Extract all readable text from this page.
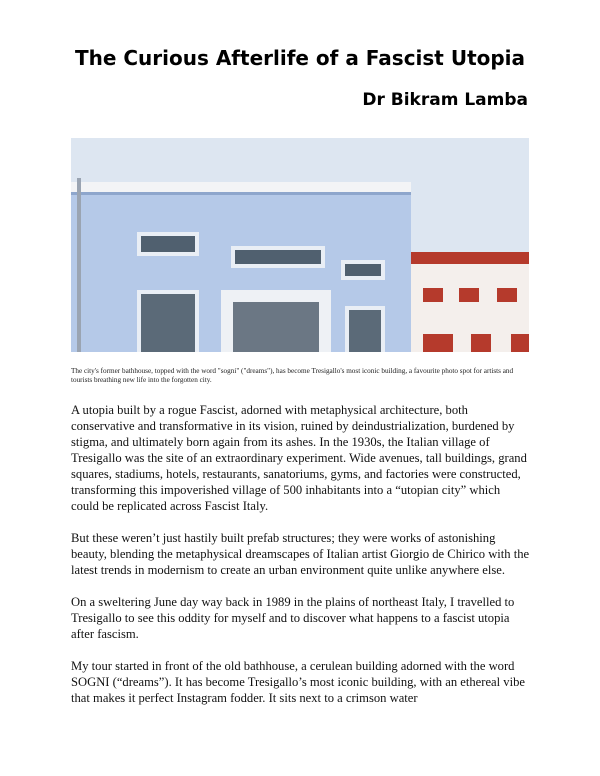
The Curious Afterlife of a Fascist Utopia
Dr Bikram Lamba
The city's former bathhouse, topped with the word "sogni" ("dreams"), has become Tresigallo's most iconic building, a favourite photo spot for artists and tourists breathing new life into the forgotten city.

A utopia built by a rogue Fascist, adorned with metaphysical architecture, both conservative and transformative in its vision, ruined by deindustrialization, burdened by stigma, and ultimately born again from its ashes. In the 1930s, the Italian village of Tresigallo was the site of an extraordinary experiment. Wide avenues, tall buildings, grand squares, stadiums, hotels, restaurants, sanatoriums, gyms, and factories were constructed, transforming this impoverished village of 500 inhabitants into a “utopian city” which could be replicated across Fascist Italy.

But these weren’t just hastily built prefab structures; they were works of astonishing beauty, blending the metaphysical dreamscapes of Italian artist Giorgio de Chirico with the latest trends in modernism to create an urban environment quite unlike anywhere else.

On a sweltering June day way back in 1989 in the plains of northeast Italy, I travelled to Tresigallo to see this oddity for myself and to discover what happens to a fascist utopia after fascism.

My tour started in front of the old bathhouse, a cerulean building adorned with the word SOGNI (“dreams”). It has become Tresigallo’s most iconic building, with an ethereal vibe that makes it perfect Instagram fodder. It sits next to a crimson water
